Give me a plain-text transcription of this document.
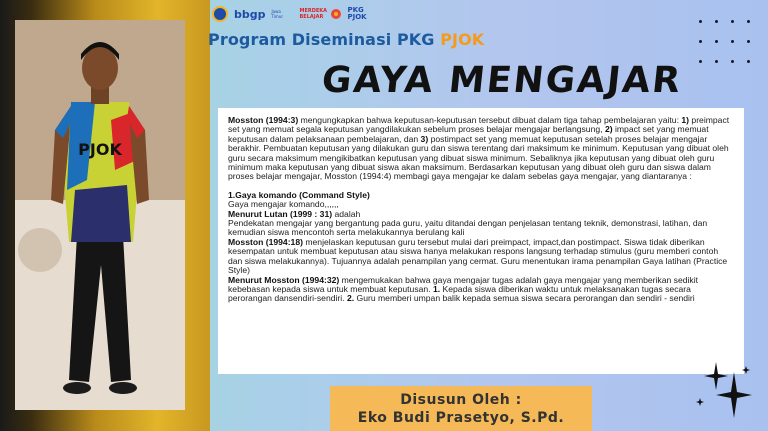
PJOK
bbgp Jawa Timur
MERDEKA BELAJAR
PKG
PJOK
Program Diseminasi PKG PJOK
GAYA MENGAJAR

Mosston (1994:3) mengungkapkan bahwa keputusan-keputusan tersebut dibuat dalam tiga tahap pembelajaran yaitu: 1) preimpact set yang memuat segala keputusan yangdilakukan sebelum proses belajar mengajar berlangsung, 2) impact set yang memuat keputusan dalam pelaksanaan pembelajaran, dan 3) postimpact set yang memuat keputusan setelah proses belajar mengajar berakhir. Pembuatan keputusan yang dilakukan guru dan siswa terentang dari maksimum ke minimum. Keputusan yang dibuat oleh guru secara maksimum mengikibatkan keputusan yang dibuat siswa minimum. Sebaliknya jika keputusan yang dibuat oleh guru minimum maka keputusan yang dibuat siswa akan maksimum. Berdasarkan keputusan yang dibuat oleh guru dan siswa dalam proses belajar mengajar, Mosston (1994:4) membagi gaya mengajar ke dalam sebelas gaya mengajar, yang diantaranya :

1.Gaya komando (Command Style)

Gaya mengajar komando,,,,,,

Menurut Lutan (1999 : 31) adalah

Pendekatan mengajar yang bergantung pada guru, yaitu ditandai dengan penjelasan tentang teknik, demonstrasi, latihan, dan kemudian siswa mencontoh serta melakukannya berulang kali

Mosston (1994:18) menjelaskan keputusan guru tersebut mulai dari preimpact, impact,dan postimpact. Siswa tidak diberikan kesempatan untuk membuat keputusan atau siswa hanya melakukan respons langsung terhadap stimulus (guru memberi contoh dan siswa melakukannya). Tujuannya adalah penampilan yang cermat. Guru menentukan irama penampilan Gaya latihan (Practice Style)

Menurut Mosston (1994:32) mengemukakan bahwa gaya mengajar tugas adalah gaya mengajar yang memberikan sedikit kebebasan kepada siswa untuk membuat keputusan. 1. Kepada siswa diberikan waktu untuk melaksanakan tugas secara perorangan dansendiri-sendiri. 2. Guru memberi umpan balik kepada semua siswa secara perorangan dan sendiri - sendiri

Disusun Oleh :
Eko Budi Prasetyo, S.Pd.
